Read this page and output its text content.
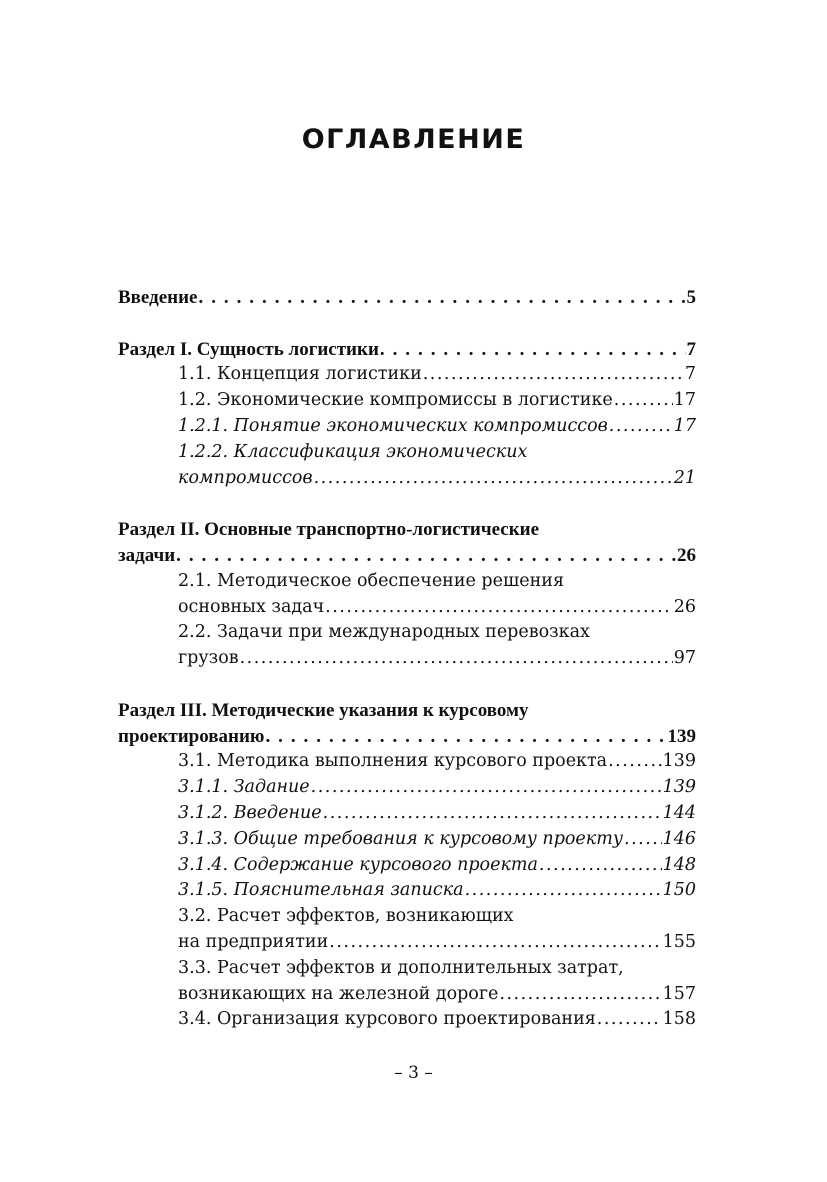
ОГЛАВЛЕНИЕ
Введение . . .	5
Раздел I. Сущность логистики . . .	7
1.1. Концепция логистики .....	7
1.2. Экономические компромиссы в логистике .....	17
1.2.1. Понятие экономических компромиссов .....	17
1.2.2. Классификация экономических
компромиссов .....	21
Раздел II. Основные транспортно-логистические
задачи . . .	26
2.1. Методическое обеспечение решения
основных задач .....	26
2.2. Задачи при международных перевозках
грузов .....	97
Раздел III. Методические указания к курсовому
проектированию . . .	139
3.1. Методика выполнения курсового проекта .....	139
3.1.1. Задание .....	139
3.1.2. Введение .....	144
3.1.3. Общие требования к курсовому проекту ..... 146
3.1.4. Содержание курсового проекта .....	148
3.1.5. Пояснительная записка .....	150
3.2. Расчет эффектов, возникающих
на предприятии .....	155
3.3. Расчет эффектов и дополнительных затрат,
возникающих на железной дороге .....	157
3.4. Организация курсового проектирования .....	158
– 3 –
